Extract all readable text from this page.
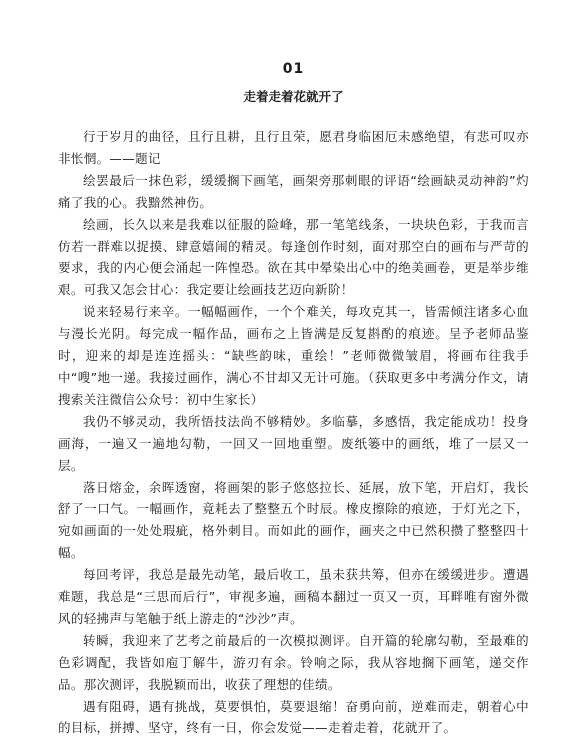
01
走着走着花就开了

行于岁月的曲径，且行且耕，且行且荣，愿君身临困厄未感绝望，有悲可叹亦非怅惘。——题记

绘罢最后一抹色彩，缓缓搁下画笔，画架旁那刺眼的评语“绘画缺灵动神韵”灼痛了我的心。我黯然神伤。

绘画，长久以来是我难以征服的险峰，那一笔笔线条，一块块色彩，于我而言仿若一群难以捉摸、肆意嬉闹的精灵。每逢创作时刻，面对那空白的画布与严苛的要求，我的内心便会涌起一阵惶恐。欲在其中晕染出心中的绝美画卷，更是举步维艰。可我又怎会甘心：我定要让绘画技艺迈向新阶！

说来轻易行来辛。一幅幅画作，一个个难关，每攻克其一，皆需倾注诸多心血与漫长光阴。每完成一幅作品，画布之上皆满是反复斟酌的痕迹。呈予老师品鉴时，迎来的却是连连摇头：“缺些韵味，重绘！”老师微微皱眉，将画布往我手中“嗖”地一递。我接过画作，满心不甘却又无计可施。（获取更多中考满分作文，请搜索关注微信公众号：初中生家长）

我仍不够灵动，我所悟技法尚不够精妙。多临摹，多感悟，我定能成功！投身画海，一遍又一遍地勾勒，一回又一回地重塑。废纸篓中的画纸，堆了一层又一层。

落日熔金，余晖透窗，将画架的影子悠悠拉长、延展，放下笔，开启灯，我长舒了一口气。一幅画作，竟耗去了整整五个时辰。橡皮擦除的痕迹，于灯光之下，宛如画面的一处处瑕疵，格外刺目。而如此的画作，画夹之中已然积攒了整整四十幅。

每回考评，我总是最先动笔，最后收工，虽未获共筹，但亦在缓缓进步。遭遇难题，我总是“三思而后行”，审视多遍，画稿本翻过一页又一页，耳畔唯有窗外微风的轻拂声与笔触于纸上游走的“沙沙”声。

转瞬，我迎来了艺考之前最后的一次模拟测评。自开篇的轮廓勾勒，至最难的色彩调配，我皆如庖丁解牛，游刃有余。铃响之际，我从容地搁下画笔，递交作品。那次测评，我脱颖而出，收获了理想的佳绩。

遇有阻碍，遇有挑战，莫要惧怕，莫要退缩！奋勇向前，逆难而走，朝着心中的目标，拼搏、坚守，终有一日，你会发觉——走着走着，花就开了。
